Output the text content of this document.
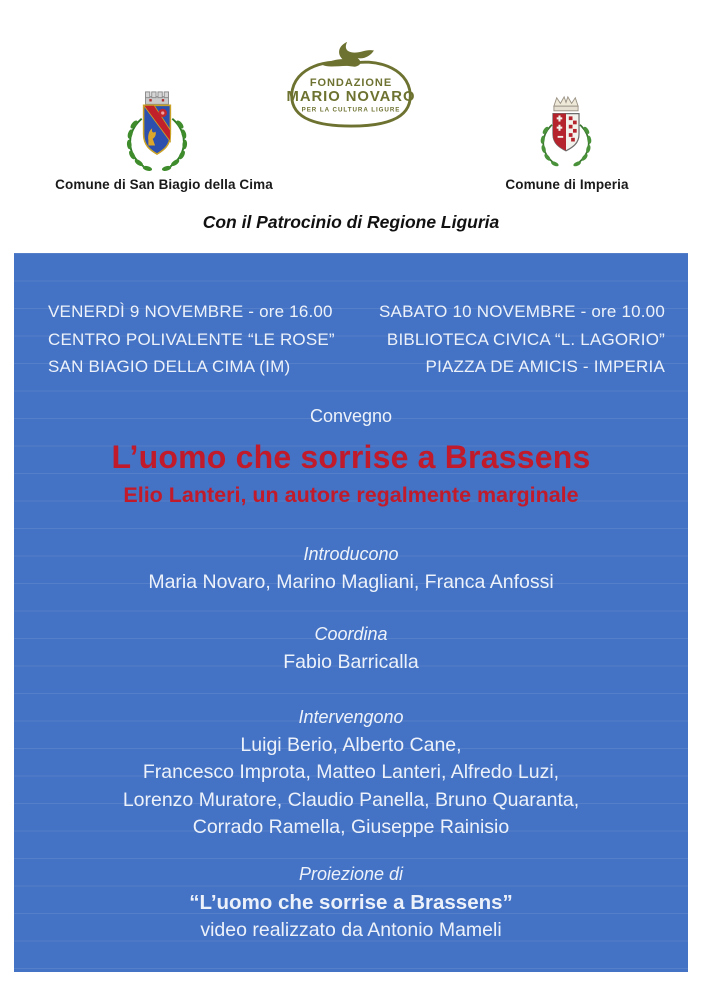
FONDAZIONE
MARIO NOVARO
PER LA CULTURA LIGURE
Comune di San Biagio della Cima	Comune di Imperia
Con il Patrocinio di Regione Liguria
VENERDÌ 9 NOVEMBRE - ore 16.00
CENTRO POLIVALENTE “LE ROSE”
SAN BIAGIO DELLA CIMA (IM)
SABATO 10 NOVEMBRE - ore 10.00
BIBLIOTECA CIVICA “L. LAGORIO”
PIAZZA DE AMICIS - IMPERIA
Convegno
L’uomo che sorrise a Brassens
Elio Lanteri, un autore regalmente marginale
Introducono
Maria Novaro, Marino Magliani, Franca Anfossi
Coordina
Fabio Barricalla
Intervengono
Luigi Berio, Alberto Cane,
Francesco Improta, Matteo Lanteri, Alfredo Luzi,
Lorenzo Muratore, Claudio Panella, Bruno Quaranta,
Corrado Ramella, Giuseppe Rainisio
Proiezione di
“L’uomo che sorrise a Brassens”
video realizzato da Antonio Mameli
